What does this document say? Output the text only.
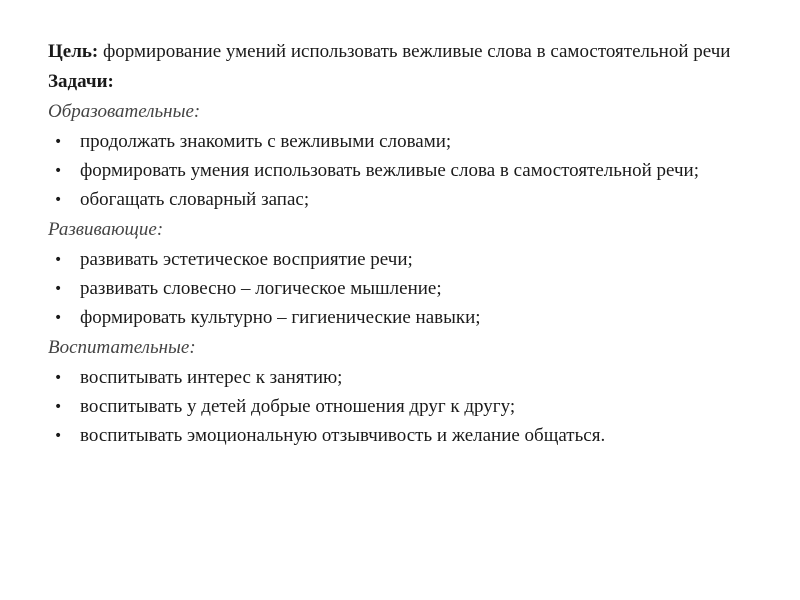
Цель: формирование умений использовать вежливые слова в самостоятельной речи
Задачи:
Образовательные:
• продолжать знакомить с вежливыми словами;
• формировать умения использовать вежливые слова в самостоятельной речи;
• обогащать словарный запас;
Развивающие:
• развивать эстетическое восприятие речи;
• развивать словесно – логическое мышление;
• формировать культурно – гигиенические навыки;
Воспитательные:
• воспитывать интерес к занятию;
• воспитывать у детей добрые отношения друг к другу;
• воспитывать эмоциональную отзывчивость и желание общаться.
